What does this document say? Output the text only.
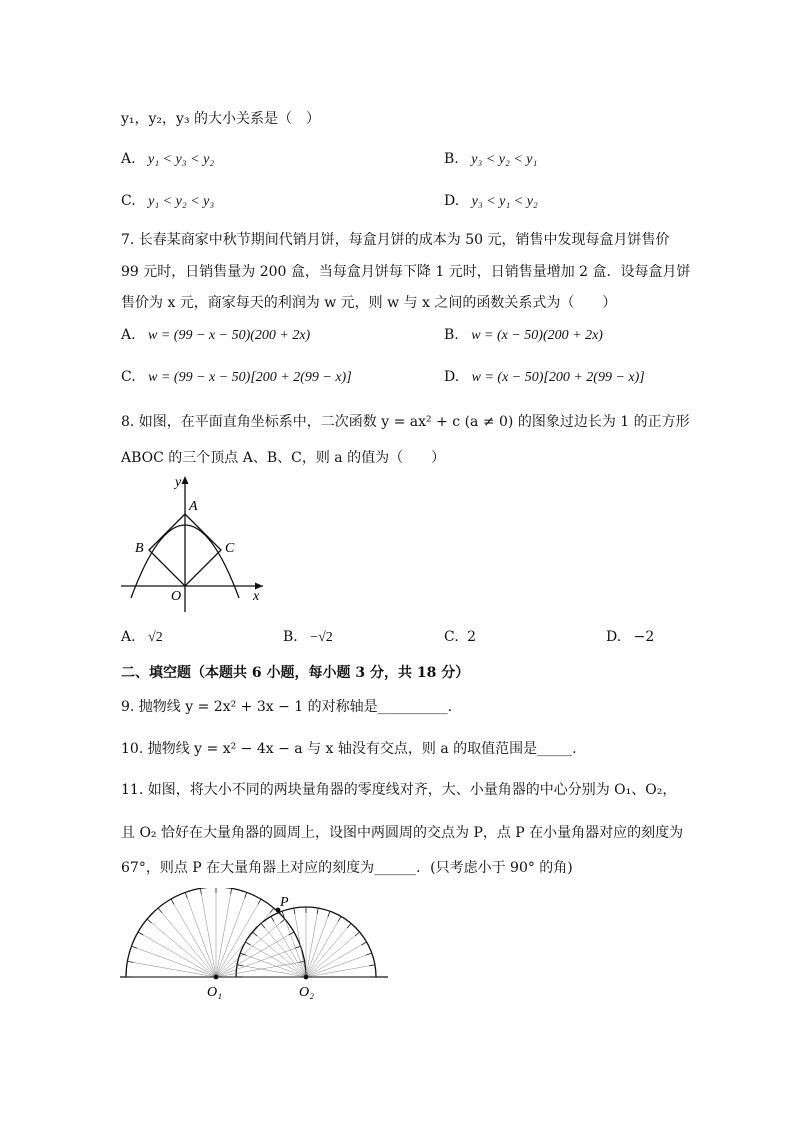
y₁，y₂，y₃ 的大小关系是（　）
A. y₁ < y₃ < y₂	B. y₃ < y₂ < y₁
C. y₁ < y₂ < y₃	D. y₃ < y₁ < y₂
7. 长春某商家中秋节期间代销月饼，每盒月饼的成本为 50 元，销售中发现每盒月饼售价
99 元时，日销售量为 200 盒，当每盒月饼每下降 1 元时，日销售量增加 2 盒．设每盒月饼
售价为 x 元，商家每天的利润为 w 元，则 w 与 x 之间的函数关系式为（　　）
A. w = (99 − x − 50)(200 + 2x)	B. w = (x − 50)(200 + 2x)
C. w = (99 − x − 50)[200 + 2(99 − x)]	D. w = (x − 50)[200 + 2(99 − x)]
8. 如图，在平面直角坐标系中，二次函数 y = ax² + c (a ≠ 0) 的图象过边长为 1 的正方形
ABOC 的三个顶点 A、B、C，则 a 的值为（　　）
y
x
A
B	C
O
A. √2	B. −√2	C. 2	D. −2
二、填空题（本题共 6 小题，每小题 3 分，共 18 分）
9. 抛物线 y = 2x² + 3x − 1 的对称轴是__________.
10. 抛物线 y = x² − 4x − a 与 x 轴没有交点，则 a 的取值范围是_____.
11. 如图，将大小不同的两块量角器的零度线对齐，大、小量角器的中心分别为 O₁、O₂，
且 O₂ 恰好在大量角器的圆周上，设图中两圆周的交点为 P，点 P 在小量角器对应的刻度为
67°，则点 P 在大量角器上对应的刻度为______．(只考虑小于 90° 的角)
P
O₁	O₂
